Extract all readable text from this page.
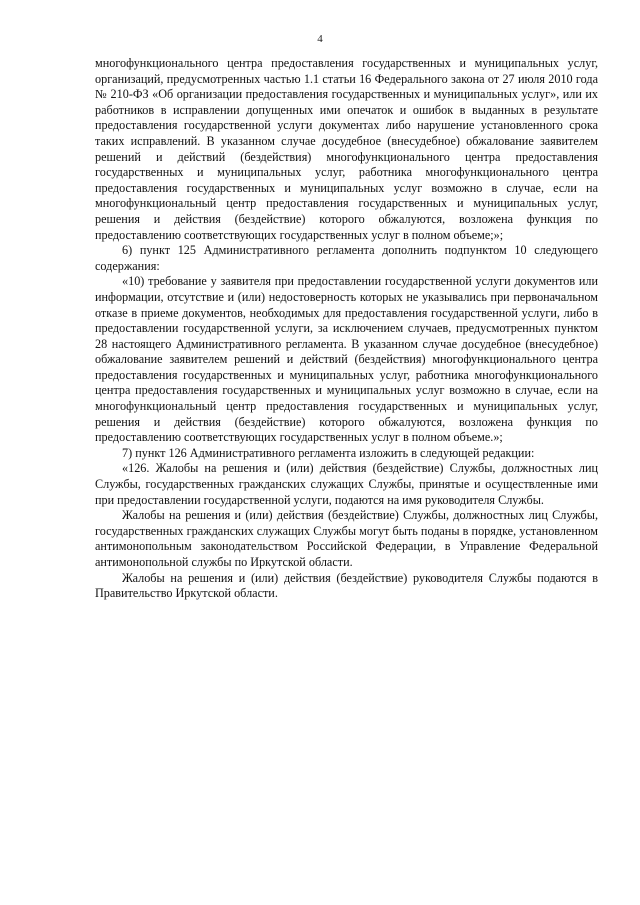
4

многофункционального центра предоставления государственных и муниципальных услуг, организаций, предусмотренных частью 1.1 статьи 16 Федерального закона от 27 июля 2010 года № 210-ФЗ «Об организации предоставления государственных и муниципальных услуг», или их работников в исправлении допущенных ими опечаток и ошибок в выданных в результате предоставления государственной услуги документах либо нарушение установленного срока таких исправлений. В указанном случае досудебное (внесудебное) обжалование заявителем решений и действий (бездействия) многофункционального центра предоставления государственных и муниципальных услуг, работника многофункционального центра предоставления государственных и муниципальных услуг возможно в случае, если на многофункциональный центр предоставления государственных и муниципальных услуг, решения и действия (бездействие) которого обжалуются, возложена функция по предоставлению соответствующих государственных услуг в полном объеме;»;

6) пункт 125 Административного регламента дополнить подпунктом 10 следующего содержания:

«10) требование у заявителя при предоставлении государственной услуги документов или информации, отсутствие и (или) недостоверность которых не указывались при первоначальном отказе в приеме документов, необходимых для предоставления государственной услуги, либо в предоставлении государственной услуги, за исключением случаев, предусмотренных пунктом 28 настоящего Административного регламента. В указанном случае досудебное (внесудебное) обжалование заявителем решений и действий (бездействия) многофункционального центра предоставления государственных и муниципальных услуг, работника многофункционального центра предоставления государственных и муниципальных услуг возможно в случае, если на многофункциональный центр предоставления государственных и муниципальных услуг, решения и действия (бездействие) которого обжалуются, возложена функция по предоставлению соответствующих государственных услуг в полном объеме.»;

7) пункт 126 Административного регламента изложить в следующей редакции:

«126. Жалобы на решения и (или) действия (бездействие) Службы, должностных лиц Службы, государственных гражданских служащих Службы, принятые и осуществленные ими при предоставлении государственной услуги, подаются на имя руководителя Службы.

Жалобы на решения и (или) действия (бездействие) Службы, должностных лиц Службы, государственных гражданских служащих Службы могут быть поданы в порядке, установленном антимонопольным законодательством Российской Федерации, в Управление Федеральной антимонопольной службы по Иркутской области.

Жалобы на решения и (или) действия (бездействие) руководителя Службы подаются в Правительство Иркутской области.
